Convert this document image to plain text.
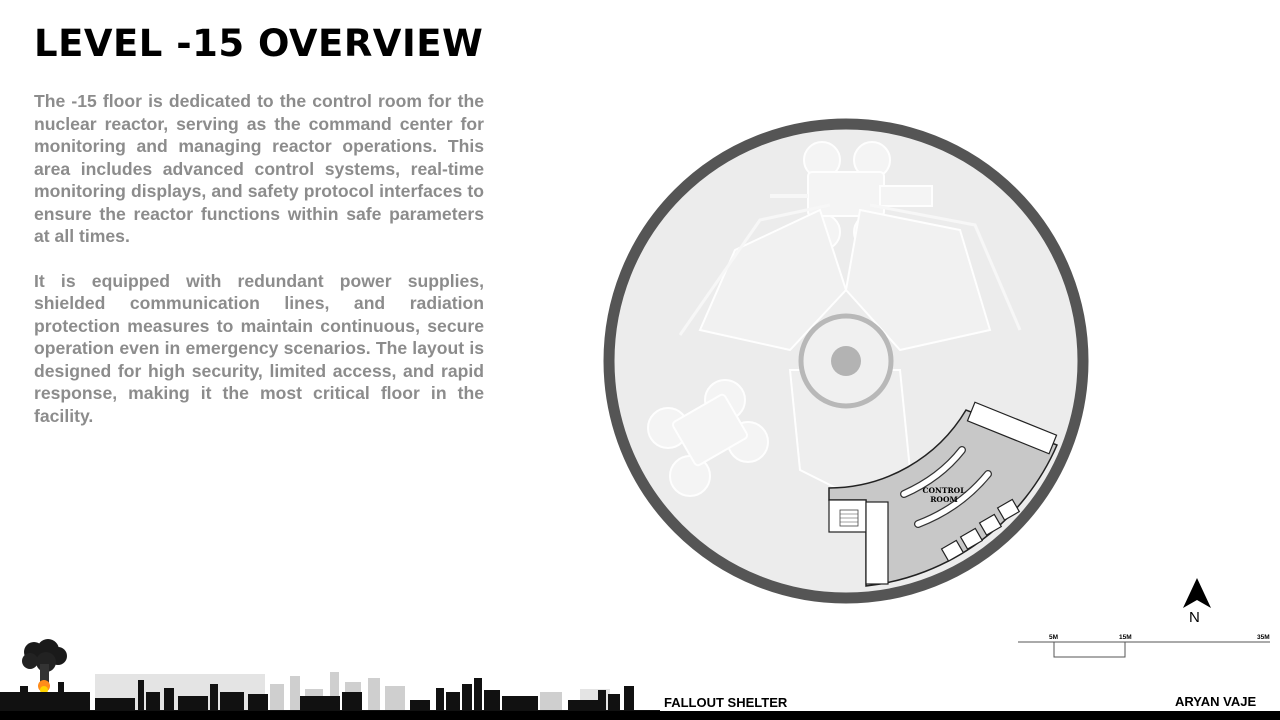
LEVEL -15 OVERVIEW

The -15 floor is dedicated to the control room for the nuclear reactor, serving as the command center for monitoring and managing reactor operations. This area includes advanced control systems, real-time monitoring displays, and safety protocol interfaces to ensure the reactor functions within safe parameters at all times.

It is equipped with redundant power supplies, shielded communication lines, and radiation protection measures to maintain continuous, secure operation even in emergency scenarios. The layout is designed for high security, limited access, and rapid response, making it the most critical floor in the facility.

CONTROL
ROOM
N
5M	15M	35M
FALLOUT SHELTER	ARYAN VAJE
